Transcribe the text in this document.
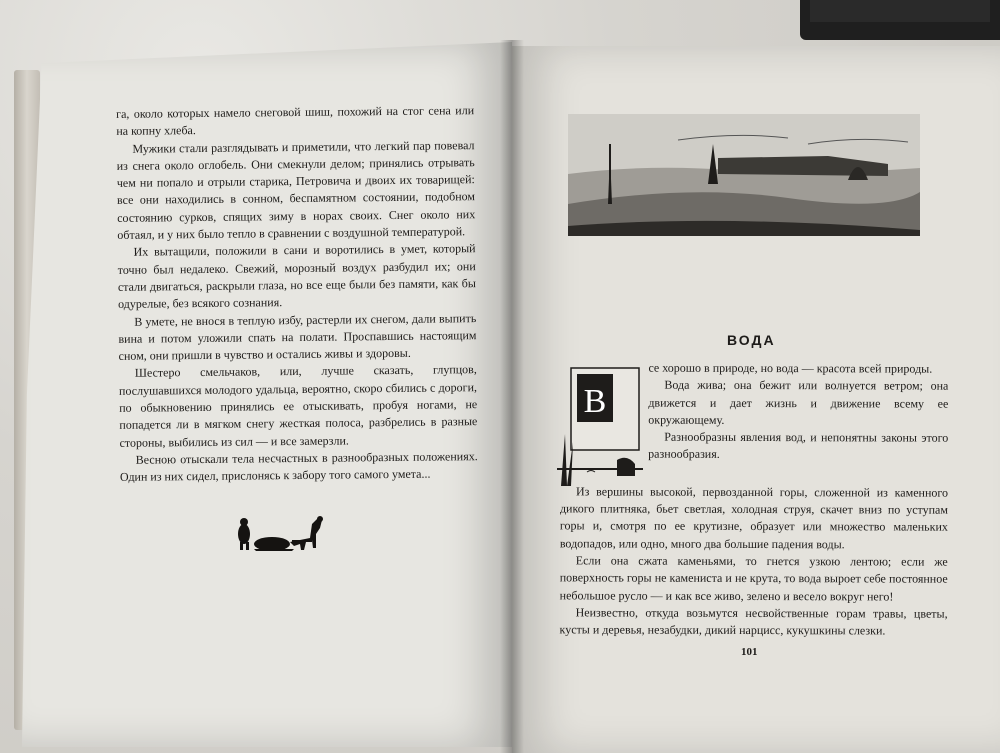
га, около которых намело снеговой шиш, похожий на стог сена или на копну хлеба.

Мужики стали разглядывать и приметили, что легкий пар повевал из снега около оглобель. Они смекнули делом; принялись отрывать чем ни попало и отрыли старика, Петровича и двоих их товарищей: все они находились в сонном, беспамятном состоянии, подобном состоянию сурков, спящих зиму в норах своих. Снег около них обтаял, и у них было тепло в сравнении с воздушной температурой.

Их вытащили, положили в сани и воротились в умет, который точно был недалеко. Свежий, морозный воздух разбудил их; они стали двигаться, раскрыли глаза, но все еще были без памяти, как бы одурелые, без всякого сознания.

В умете, не внося в теплую избу, растерли их снегом, дали выпить вина и потом уложили спать на полати. Проспавшись настоящим сном, они пришли в чувство и остались живы и здоровы.

Шестеро смельчаков, или, лучше сказать, глупцов, послушавшихся молодого удальца, вероятно, скоро сбились с дороги, по обыкновению принялись ее отыскивать, пробуя ногами, не попадется ли в мягком снегу жесткая полоса, разбрелись в разные стороны, выбились из сил — и все замерзли.

Весною отыскали тела несчастных в разнообразных положениях. Один из них сидел, прислонясь к забору того самого умета...

ВОДА
В

се хорошо в природе, но вода — красота всей природы.

Вода жива; она бежит или волнуется ветром; она движется и дает жизнь и движение всему ее окружающему.

Разнообразны явления вод, и непонятны законы этого разнообразия.

Из вершины высокой, первозданной горы, сложенной из каменного дикого плитняка, бьет светлая, холодная струя, скачет вниз по уступам горы и, смотря по ее крутизне, образует или множество маленьких водопадов, или одно, много два большие падения воды.

Если она сжата каменьями, то гнется узкою лентою; если же поверхность горы не камениста и не крута, то вода выроет себе постоянное небольшое русло — и как все живо, зелено и весело вокруг него!

Неизвестно, откуда возьмутся несвойственные горам травы, цветы, кусты и деревья, незабудки, дикий нарцисс, кукушкины слезки.

101
